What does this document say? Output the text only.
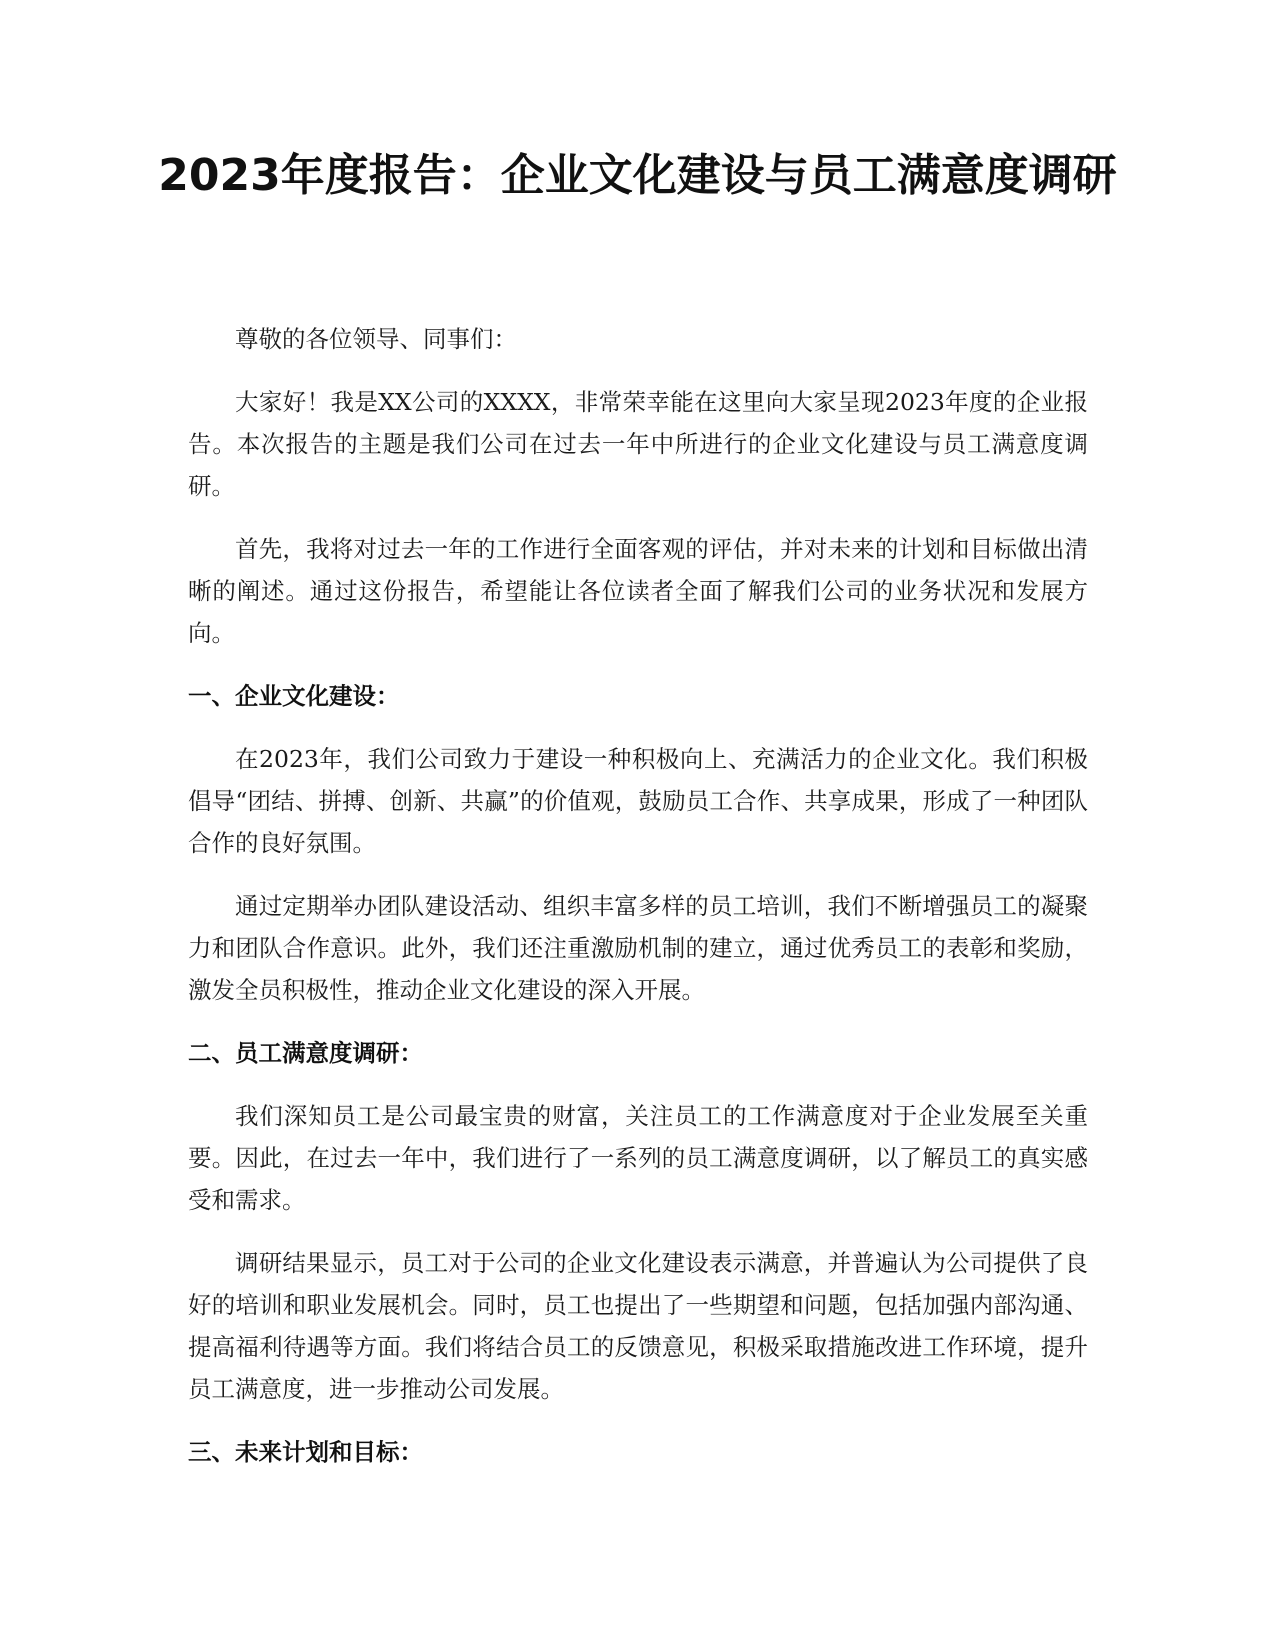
2023年度报告：企业文化建设与员工满意度调研

尊敬的各位领导、同事们：

大家好！我是XX公司的XXXX，非常荣幸能在这里向大家呈现2023年度的企业报告。本次报告的主题是我们公司在过去一年中所进行的企业文化建设与员工满意度调研。

首先，我将对过去一年的工作进行全面客观的评估，并对未来的计划和目标做出清晰的阐述。通过这份报告，希望能让各位读者全面了解我们公司的业务状况和发展方向。

一、企业文化建设：

在2023年，我们公司致力于建设一种积极向上、充满活力的企业文化。我们积极倡导“团结、拼搏、创新、共赢”的价值观，鼓励员工合作、共享成果，形成了一种团队合作的良好氛围。

通过定期举办团队建设活动、组织丰富多样的员工培训，我们不断增强员工的凝聚力和团队合作意识。此外，我们还注重激励机制的建立，通过优秀员工的表彰和奖励，激发全员积极性，推动企业文化建设的深入开展。

二、员工满意度调研：

我们深知员工是公司最宝贵的财富，关注员工的工作满意度对于企业发展至关重要。因此，在过去一年中，我们进行了一系列的员工满意度调研，以了解员工的真实感受和需求。

调研结果显示，员工对于公司的企业文化建设表示满意，并普遍认为公司提供了良好的培训和职业发展机会。同时，员工也提出了一些期望和问题，包括加强内部沟通、提高福利待遇等方面。我们将结合员工的反馈意见，积极采取措施改进工作环境，提升员工满意度，进一步推动公司发展。

三、未来计划和目标：
